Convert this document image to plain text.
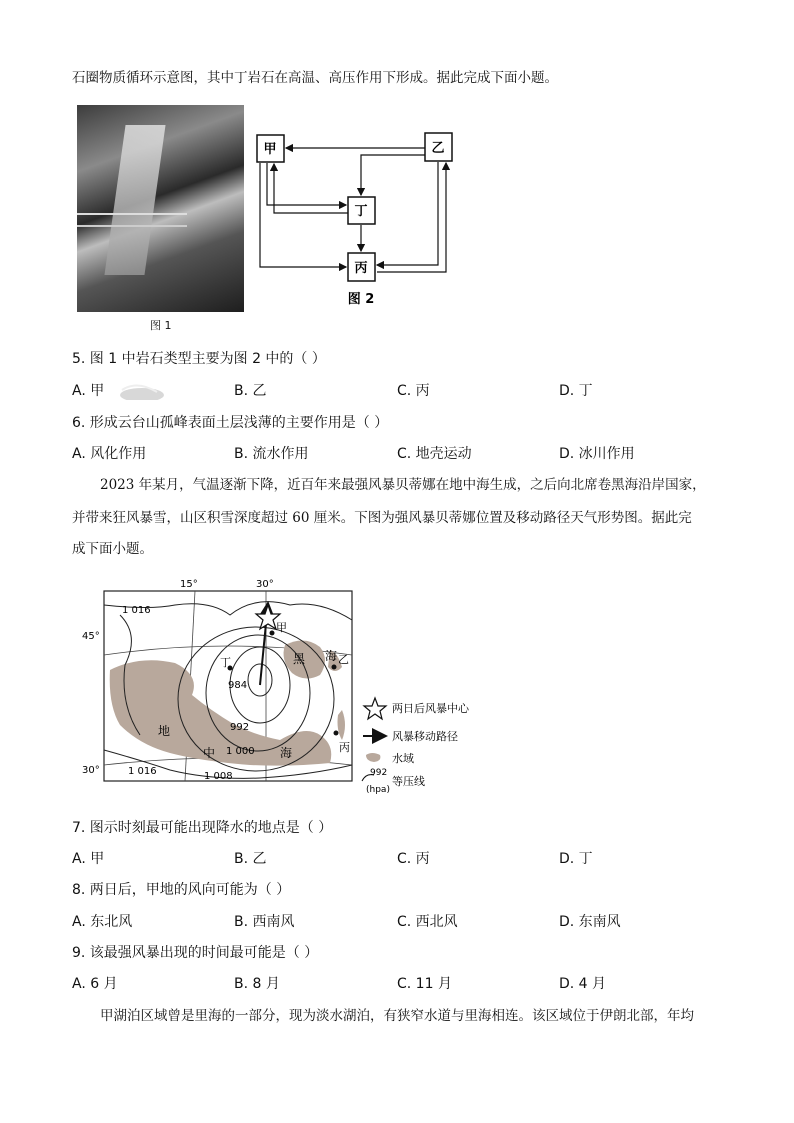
石圈物质循环示意图，其中丁岩石在高温、高压作用下形成。据此完成下面小题。
图 1
甲	乙
丁
丙
图 2
5. 图 1 中岩石类型主要为图 2 中的（ ）
A. 甲	B. 乙	C. 丙	D. 丁
6. 形成云台山孤峰表面土层浅薄的主要作用是（ ）
A. 风化作用	B. 流水作用	C. 地壳运动	D. 冰川作用
2023 年某月，气温逐渐下降，近百年来最强风暴贝蒂娜在地中海生成，之后向北席卷黑海沿岸国家，
并带来狂风暴雪，山区积雪深度超过 60 厘米。下图为强风暴贝蒂娜位置及移动路径天气形势图。据此完
成下面小题。
1 016
984
992
1 000
1 016	1 008
15°	30°
45°
30°
甲
乙
丙
丁	黑 海
地
中	海
两日后风暴中心
风暴移动路径
水域
992
(hpa)
等压线
7. 图示时刻最可能出现降水的地点是（ ）
A. 甲	B. 乙	C. 丙	D. 丁
8. 两日后，甲地的风向可能为（ ）
A. 东北风	B. 西南风	C. 西北风	D. 东南风
9. 该最强风暴出现的时间最可能是（ ）
A. 6 月	B. 8 月	C. 11 月	D. 4 月
甲湖泊区域曾是里海的一部分，现为淡水湖泊，有狭窄水道与里海相连。该区域位于伊朗北部，年均
